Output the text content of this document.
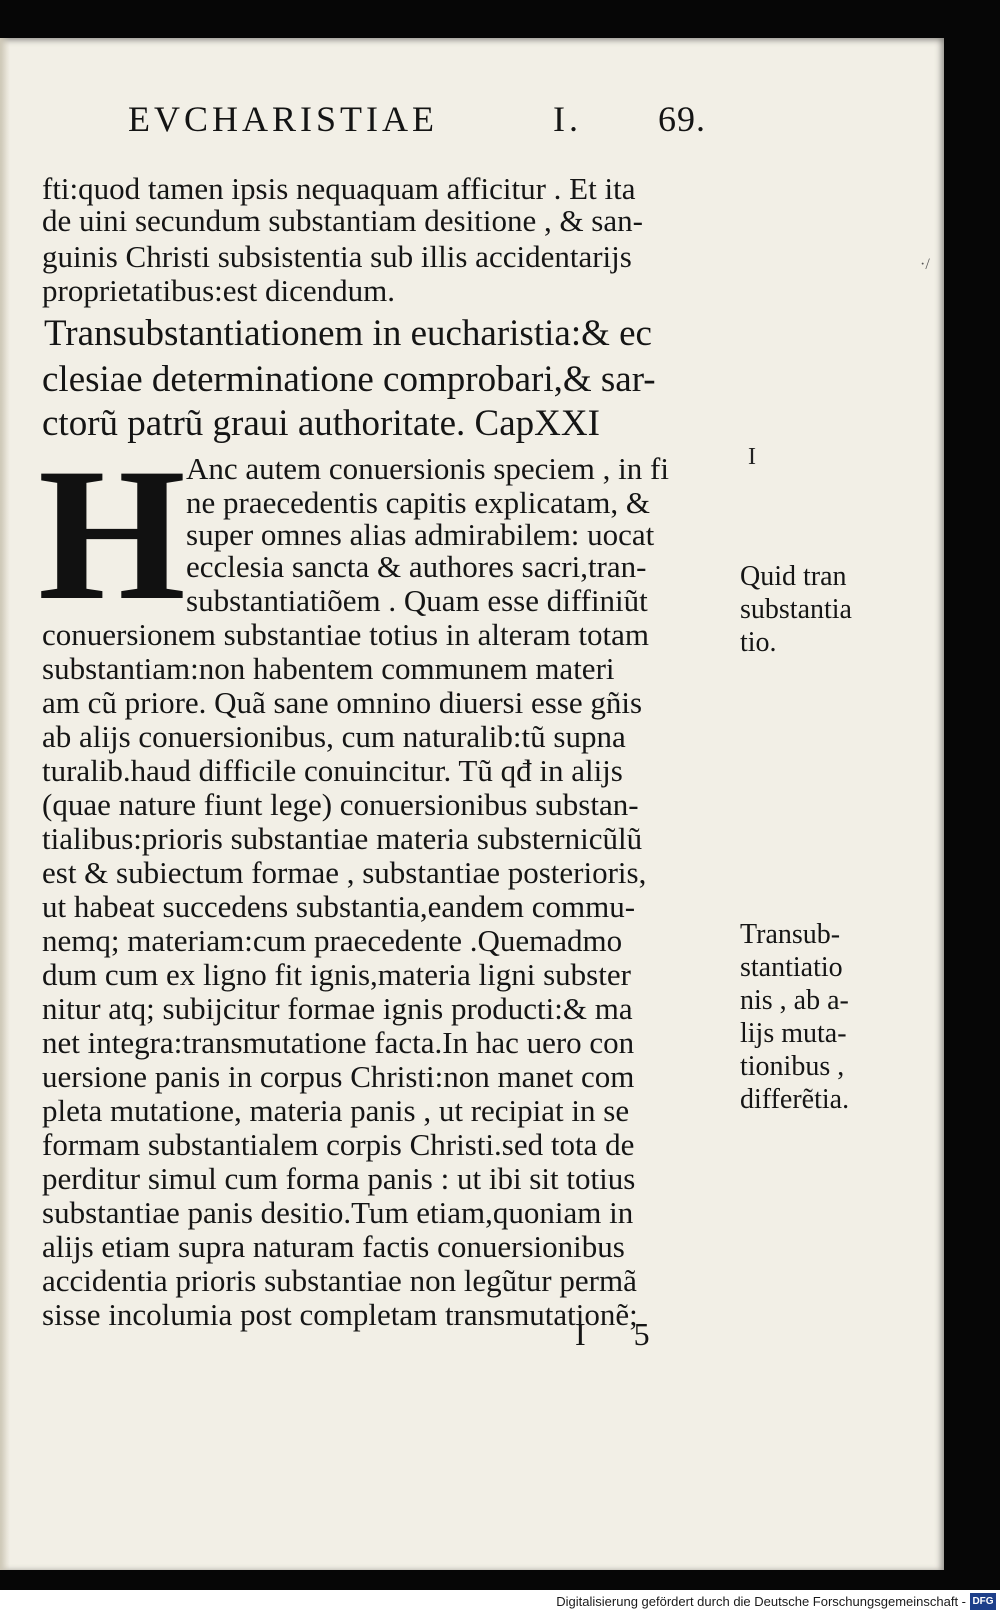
EVCHARISTIAE	I. 69.
fti:quod tamen ipsis nequaquam afficitur . Et ita
de uini secundum substantiam desitione , & san-
guinis Christi subsistentia sub illis accidentarijs
proprietatibus:est dicendum.
Transubstantiationem in eucharistia:& ec
clesiae determinatione comprobari,& sar-
ctorũ patrũ graui authoritate. CapXXI
H Anc autem conuersionis speciem , in fi
ne praecedentis capitis explicatam, &
super omnes alias admirabilem: uocat
ecclesia sancta & authores sacri,tran-
substantiatiõem . Quam esse diffiniũt
conuersionem substantiae totius in alteram totam
substantiam:non habentem communem materi
am cũ priore. Quã sane omnino diuersi esse gñis
ab alijs conuersionibus, cum naturalib:tũ supna
turalib.haud difficile conuincitur. Tũ qđ in alijs
(quae nature fiunt lege) conuersionibus substan-
tialibus:prioris substantiae materia substernicũlũ
est & subiectum formae , substantiae posterioris,
ut habeat succedens substantia,eandem commu-
nemq; materiam:cum praecedente .Quemadmo
dum cum ex ligno fit ignis,materia ligni subster
nitur atq; subijcitur formae ignis producti:& ma
net integra:transmutatione facta.In hac uero con
uersione panis in corpus Christi:non manet com
pleta mutatione, materia panis , ut recipiat in se
formam substantialem corpis Christi.sed tota de
perditur simul cum forma panis : ut ibi sit totius
substantiae panis desitio.Tum etiam,quoniam in
alijs etiam supra naturam factis conuersionibus
accidentia prioris substantiae non legũtur permã
sisse incolumia post completam transmutationẽ;
I
Quid tran
substantia
tio.
Transub-
stantiatio
nis , ab a-
lijs muta-
tionibus ,
differẽtia.
·/
I 5
Digitalisierung gefördert durch die Deutsche Forschungsgemeinschaft - DFG
